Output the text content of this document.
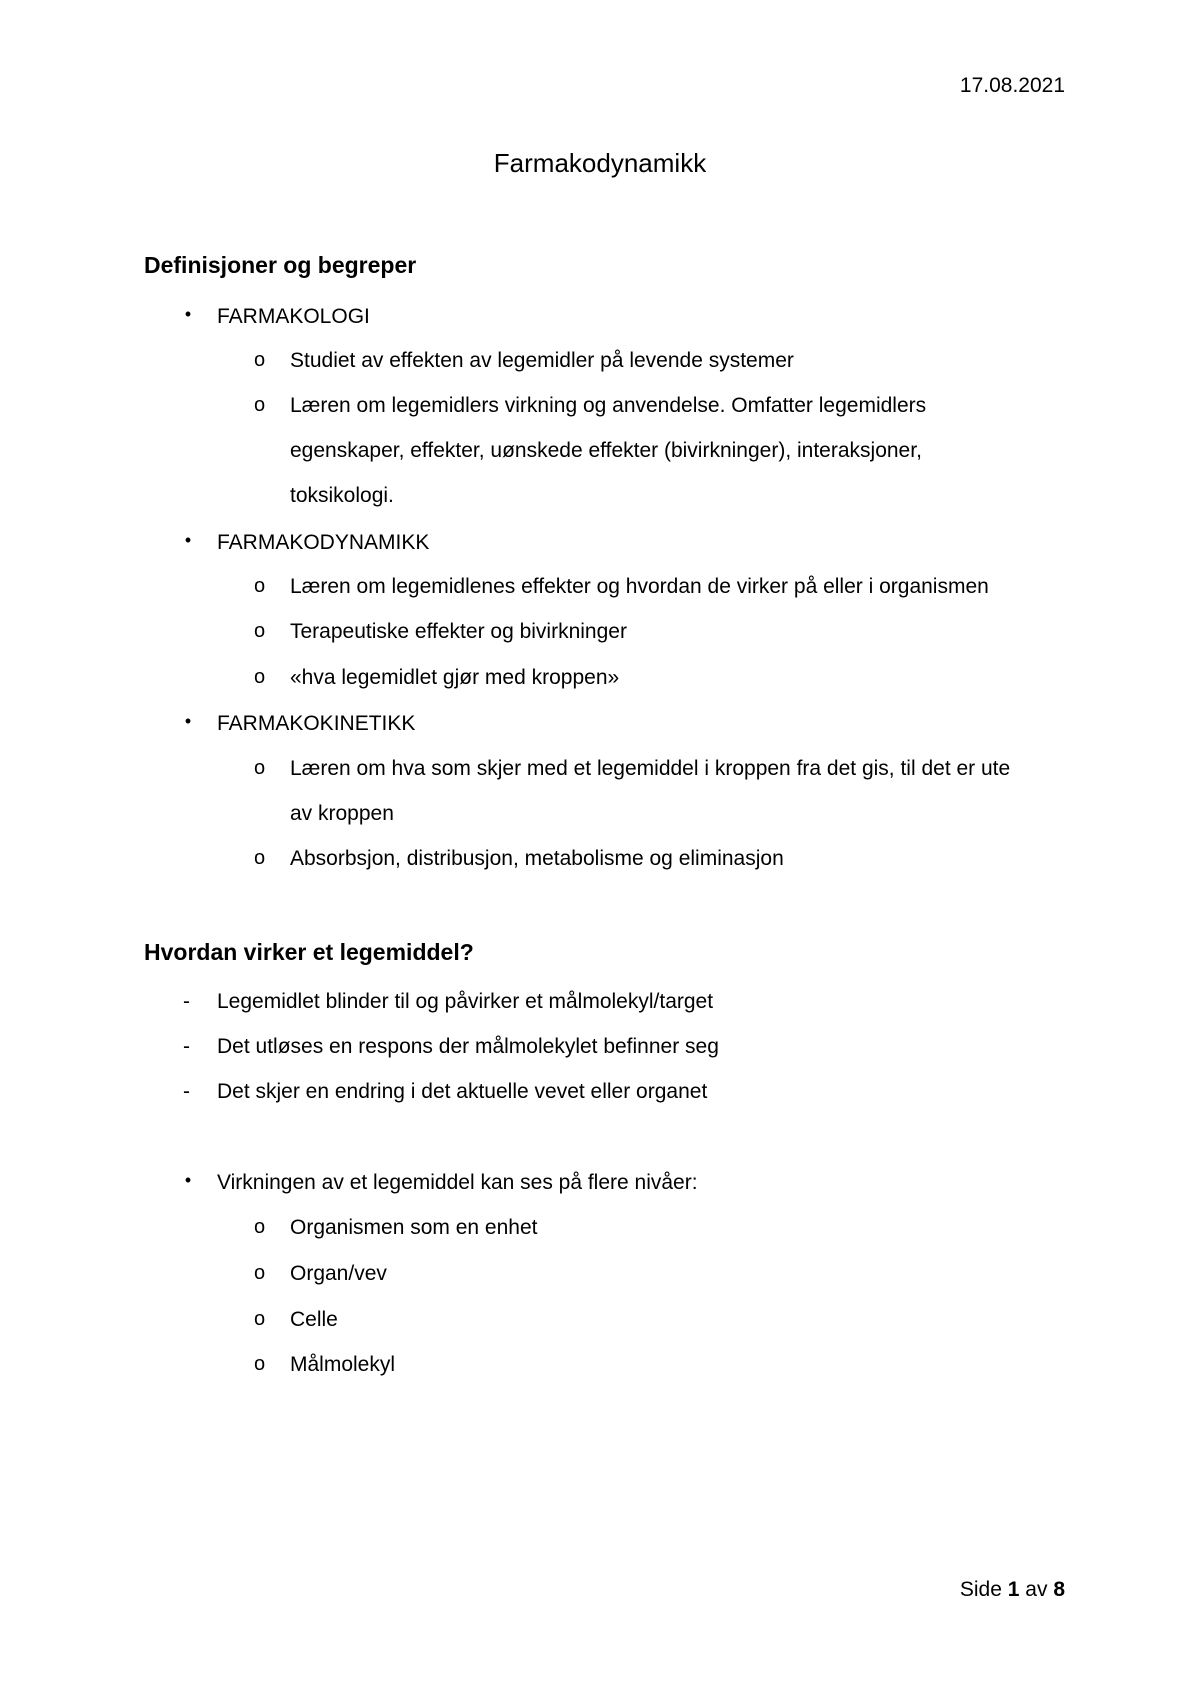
17.08.2021
Farmakodynamikk
Definisjoner og begreper
• FARMAKOLOGI
o Studiet av effekten av legemidler på levende systemer
o Læren om legemidlers virkning og anvendelse. Omfatter legemidlers
egenskaper, effekter, uønskede effekter (bivirkninger), interaksjoner,
toksikologi.
• FARMAKODYNAMIKK
o Læren om legemidlenes effekter og hvordan de virker på eller i organismen
o Terapeutiske effekter og bivirkninger
o «hva legemidlet gjør med kroppen»
• FARMAKOKINETIKK
o Læren om hva som skjer med et legemiddel i kroppen fra det gis, til det er ute
av kroppen
o Absorbsjon, distribusjon, metabolisme og eliminasjon
Hvordan virker et legemiddel?
- Legemidlet blinder til og påvirker et målmolekyl/target
- Det utløses en respons der målmolekylet befinner seg
- Det skjer en endring i det aktuelle vevet eller organet
• Virkningen av et legemiddel kan ses på flere nivåer:
o Organismen som en enhet
o Organ/vev
o Celle
o Målmolekyl
Side 1 av 8
